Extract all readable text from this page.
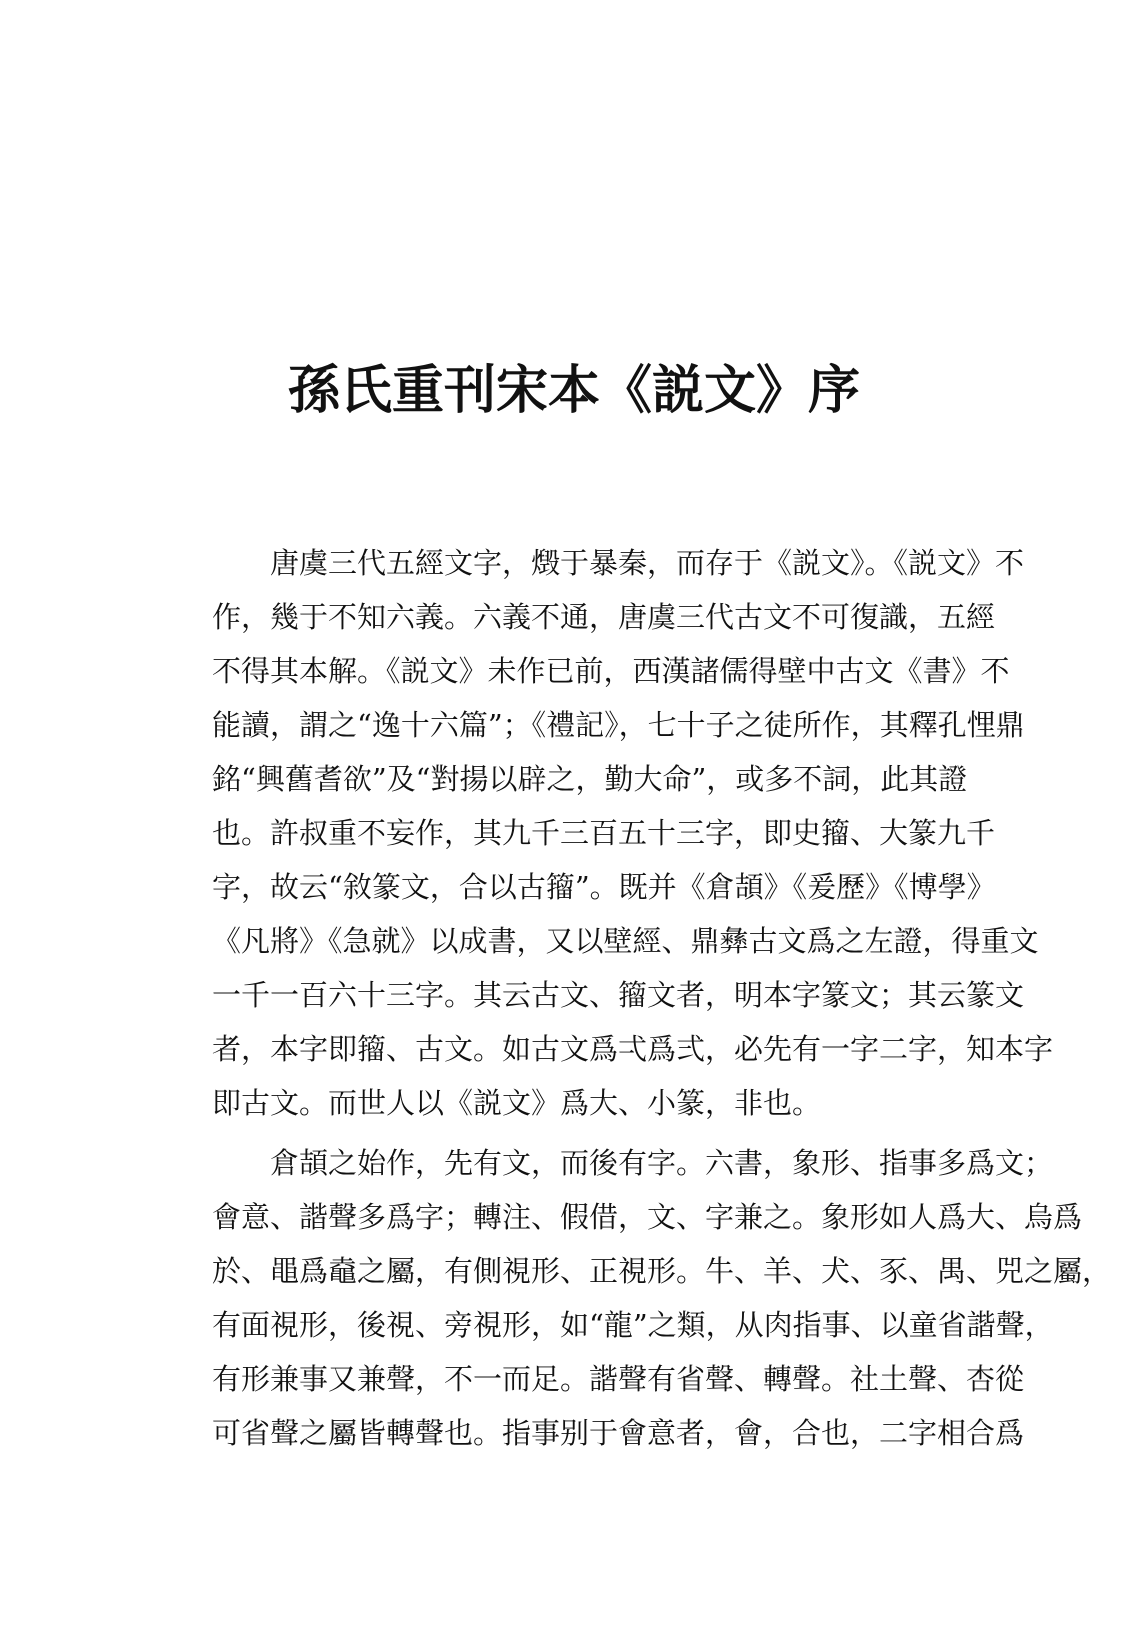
孫氏重刊宋本《説文》序

唐虞三代五經文字，燬于暴秦，而存于《説文》。《説文》不
作，幾于不知六義。六義不通，唐虞三代古文不可復識，五經
不得其本解。《説文》未作已前，西漢諸儒得壁中古文《書》不
能讀，謂之“逸十六篇”；《禮記》，七十子之徒所作，其釋孔悝鼎
銘“興舊耆欲”及“對揚以辟之，勤大命”，或多不詞，此其證
也。許叔重不妄作，其九千三百五十三字，即史籀、大篆九千
字，故云“敘篆文，合以古籀”。既并《倉頡》《爰歷》《博學》
《凡將》《急就》以成書，又以壁經、鼎彝古文爲之左證，得重文
一千一百六十三字。其云古文、籀文者，明本字篆文；其云篆文
者，本字即籀、古文。如古文爲弌爲弍，必先有一字二字，知本字
即古文。而世人以《説文》爲大、小篆，非也。

倉頡之始作，先有文，而後有字。六書，象形、指事多爲文；
會意、諧聲多爲字；轉注、假借，文、字兼之。象形如人爲大、烏爲
於、黽爲鼀之屬，有側視形、正視形。牛、羊、犬、豕、禺、兕之屬，
有面視形，後視、旁視形，如“龍”之類，从肉指事、以童省諧聲，
有形兼事又兼聲，不一而足。諧聲有省聲、轉聲。社土聲、杏從
可省聲之屬皆轉聲也。指事别于會意者，會，合也，二字相合爲
